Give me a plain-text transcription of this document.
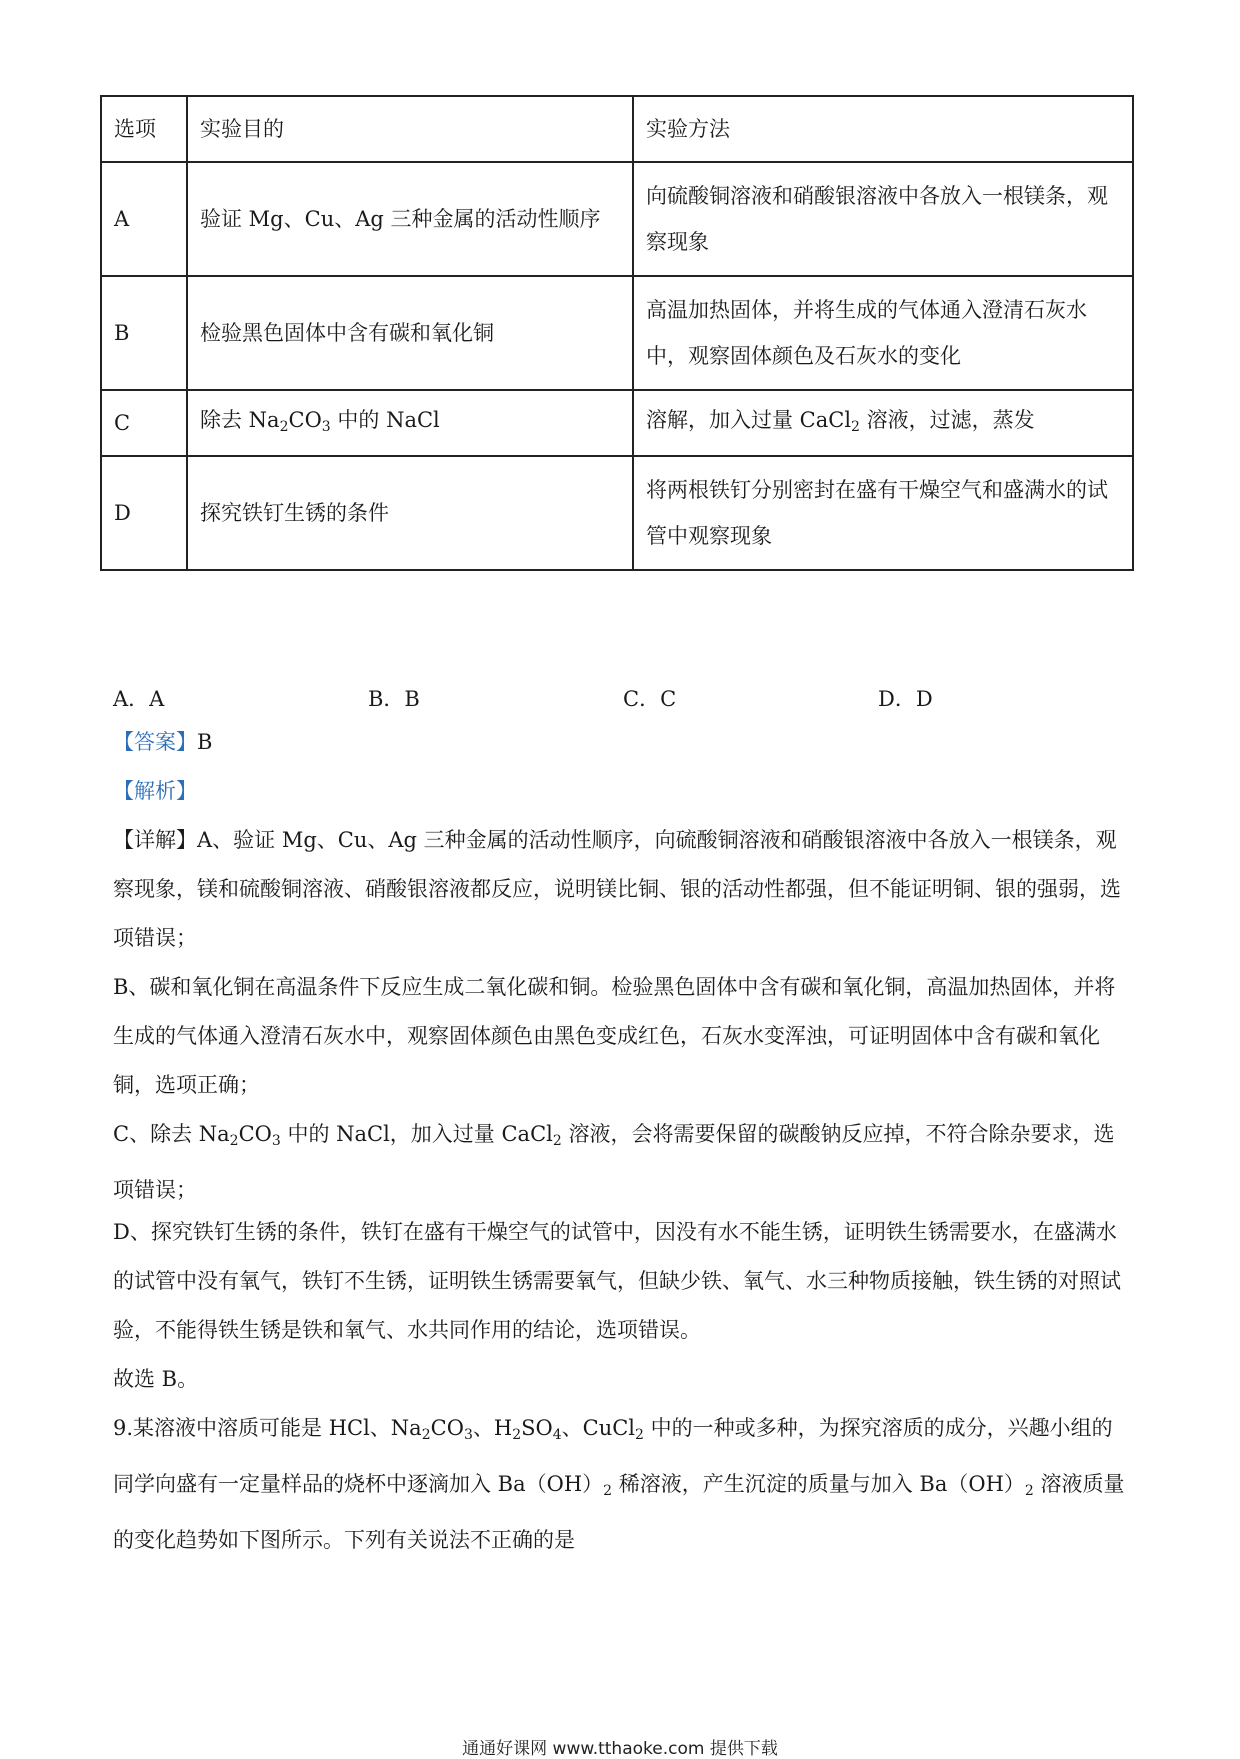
选项	实验目的	实验方法
A	验证 Mg、Cu、Ag 三种金属的活动性顺序	向硫酸铜溶液和硝酸银溶液中各放入一根镁条，观察现象
B	检验黑色固体中含有碳和氧化铜	高温加热固体，并将生成的气体通入澄清石灰水中，观察固体颜色及石灰水的变化
C	除去 $Na_2CO_3$ 中的 NaCl	溶解，加入过量 CaCl$_2$ 溶液，过滤，蒸发
D	探究铁钉生锈的条件	将两根铁钉分别密封在盛有干燥空气和盛满水的试管中观察现象
A．A	B．B	C．C	D．D
【答案】B
【解析】
【详解】A、验证 Mg、Cu、Ag 三种金属的活动性顺序，向硫酸铜溶液和硝酸银溶液中各放入一根镁条，观察现象，镁和硫酸铜溶液、硝酸银溶液都反应，说明镁比铜、银的活动性都强，但不能证明铜、银的强弱，选项错误；
B、碳和氧化铜在高温条件下反应生成二氧化碳和铜。检验黑色固体中含有碳和氧化铜，高温加热固体，并将生成的气体通入澄清石灰水中，观察固体颜色由黑色变成红色，石灰水变浑浊，可证明固体中含有碳和氧化铜，选项正确；
C、除去 $Na_2CO_3$ 中的 NaCl，加入过量 CaCl$_2$ 溶液，会将需要保留的碳酸钠反应掉，不符合除杂要求，选项错误；
D、探究铁钉生锈的条件，铁钉在盛有干燥空气的试管中，因没有水不能生锈，证明铁生锈需要水，在盛满水的试管中没有氧气，铁钉不生锈，证明铁生锈需要氧气，但缺少铁、氧气、水三种物质接触，铁生锈的对照试验，不能得铁生锈是铁和氧气、水共同作用的结论，选项错误。
故选 B。
9.某溶液中溶质可能是 HCl、$Na_2CO_3$、$H_2SO_4$、CuCl$_2$ 中的一种或多种，为探究溶质的成分，兴趣小组的同学向盛有一定量样品的烧杯中逐滴加入 $Ba(OH)_2$ 稀溶液，产生沉淀的质量与加入 $Ba(OH)_2$ 溶液质量的变化趋势如下图所示。下列有关说法不正确的是
通通好课网 www.tthaoke.com 提供下载
